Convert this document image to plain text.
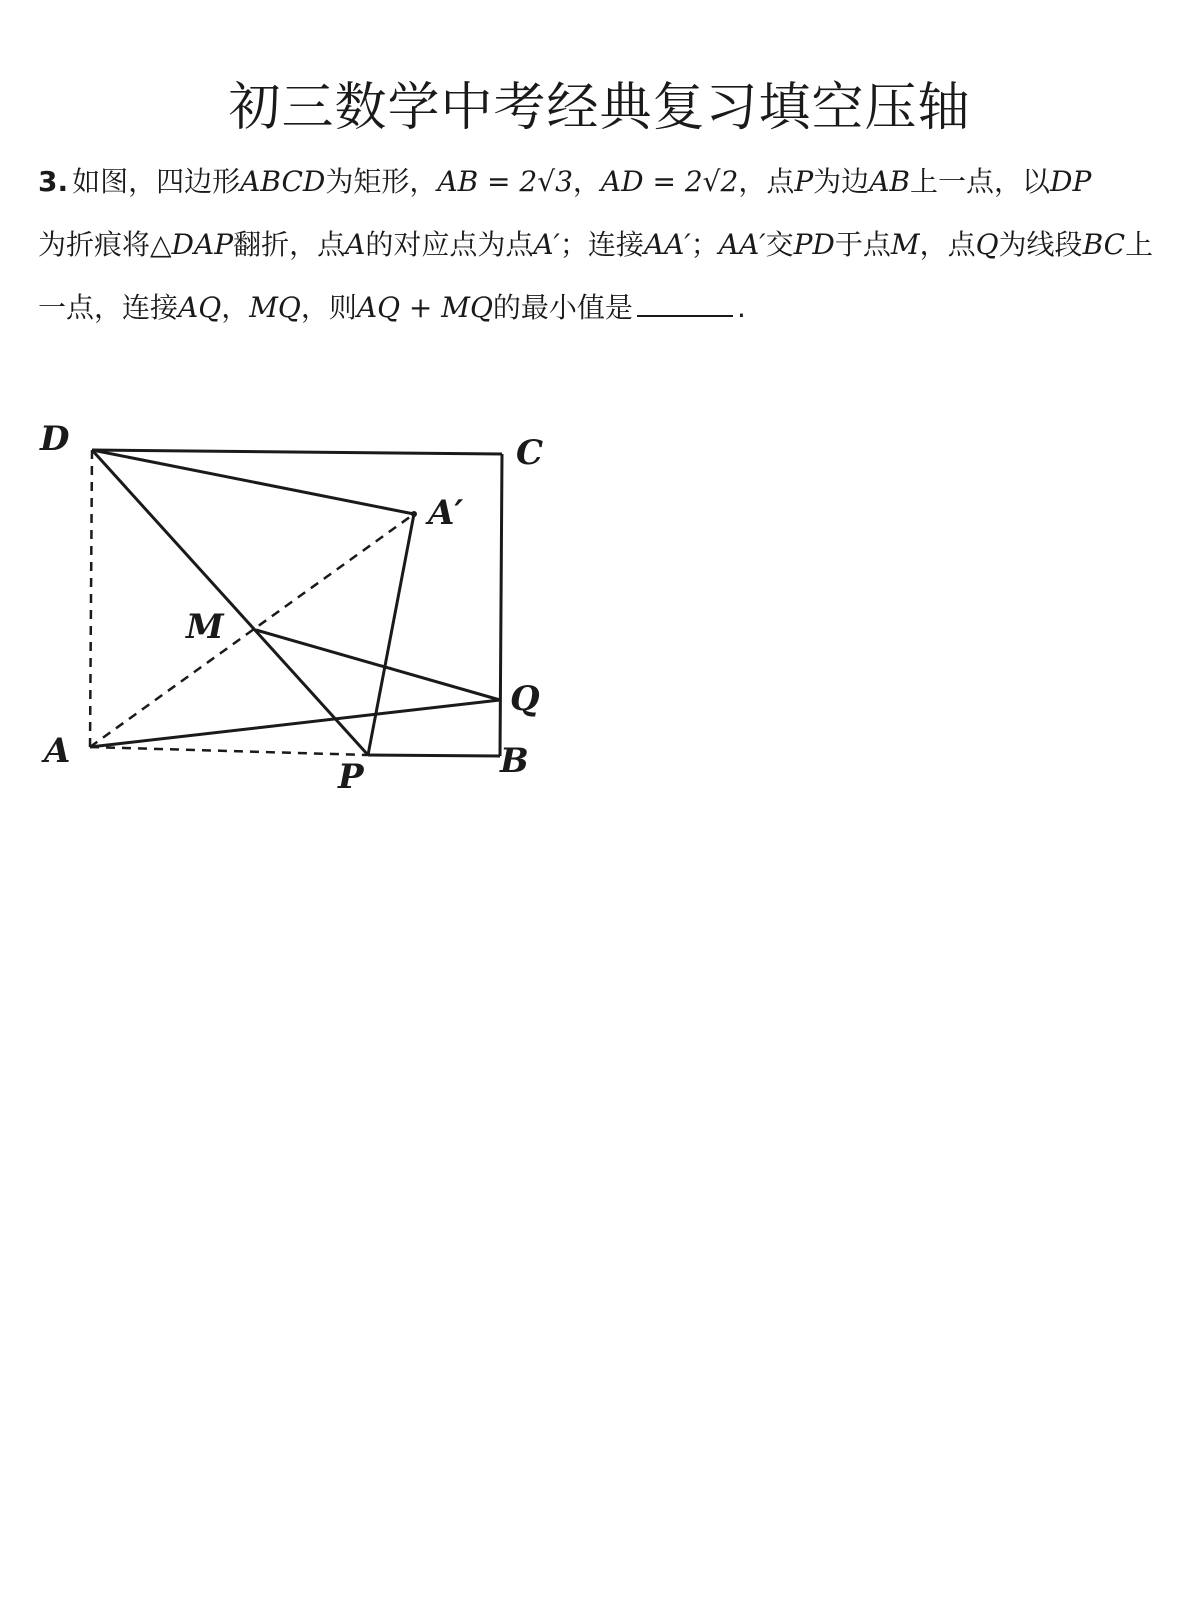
初三数学中考经典复习填空压轴
3. 如图，四边形ABCD为矩形，AB = 2√3，AD = 2√2，点P为边AB上一点，以DP
为折痕将△DAP翻折，点A的对应点为点A′；连接AA′；AA′交PD于点M，点Q为线段BC上一点，连接AQ，MQ，则AQ + MQ的最小值是	.
D	C
A′
M
Q
A
P	B
